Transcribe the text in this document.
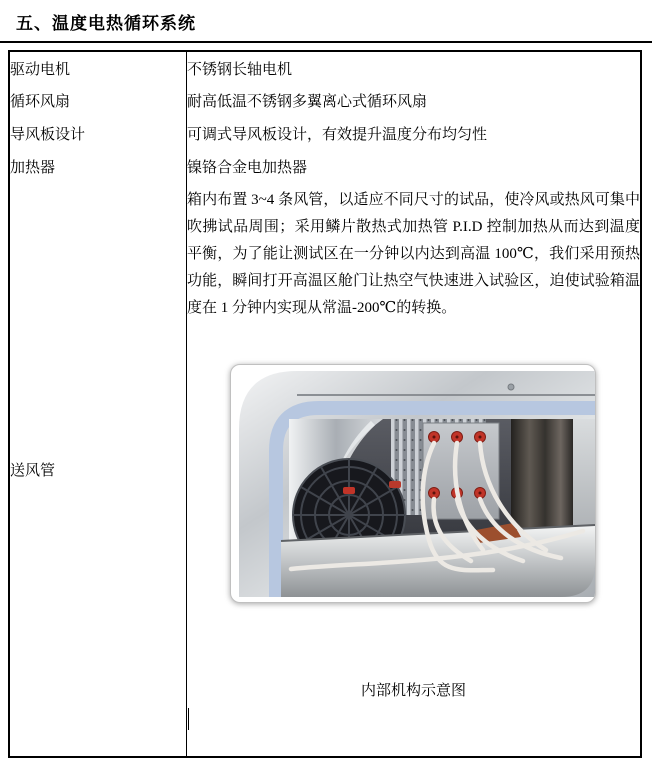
五、温度电热循环系统
驱动电机	不锈钢长轴电机
循环风扇	耐高低温不锈钢多翼离心式循环风扇
导风板设计	可调式导风板设计，有效提升温度分布均匀性
加热器	镍铬合金电加热器
送风管	箱内布置 3~4 条风管，以适应不同尺寸的试品，使冷风或热风可集中吹拂试品周围；采用鳞片散热式加热管 P.I.D 控制加热从而达到温度平衡，为了能让测试区在一分钟以内达到高温 100℃，我们采用预热功能，瞬间打开高温区舱门让热空气快速进入试验区，迫使试验箱温度在 1 分钟内实现从常温-200℃的转换。

内部机构示意图
